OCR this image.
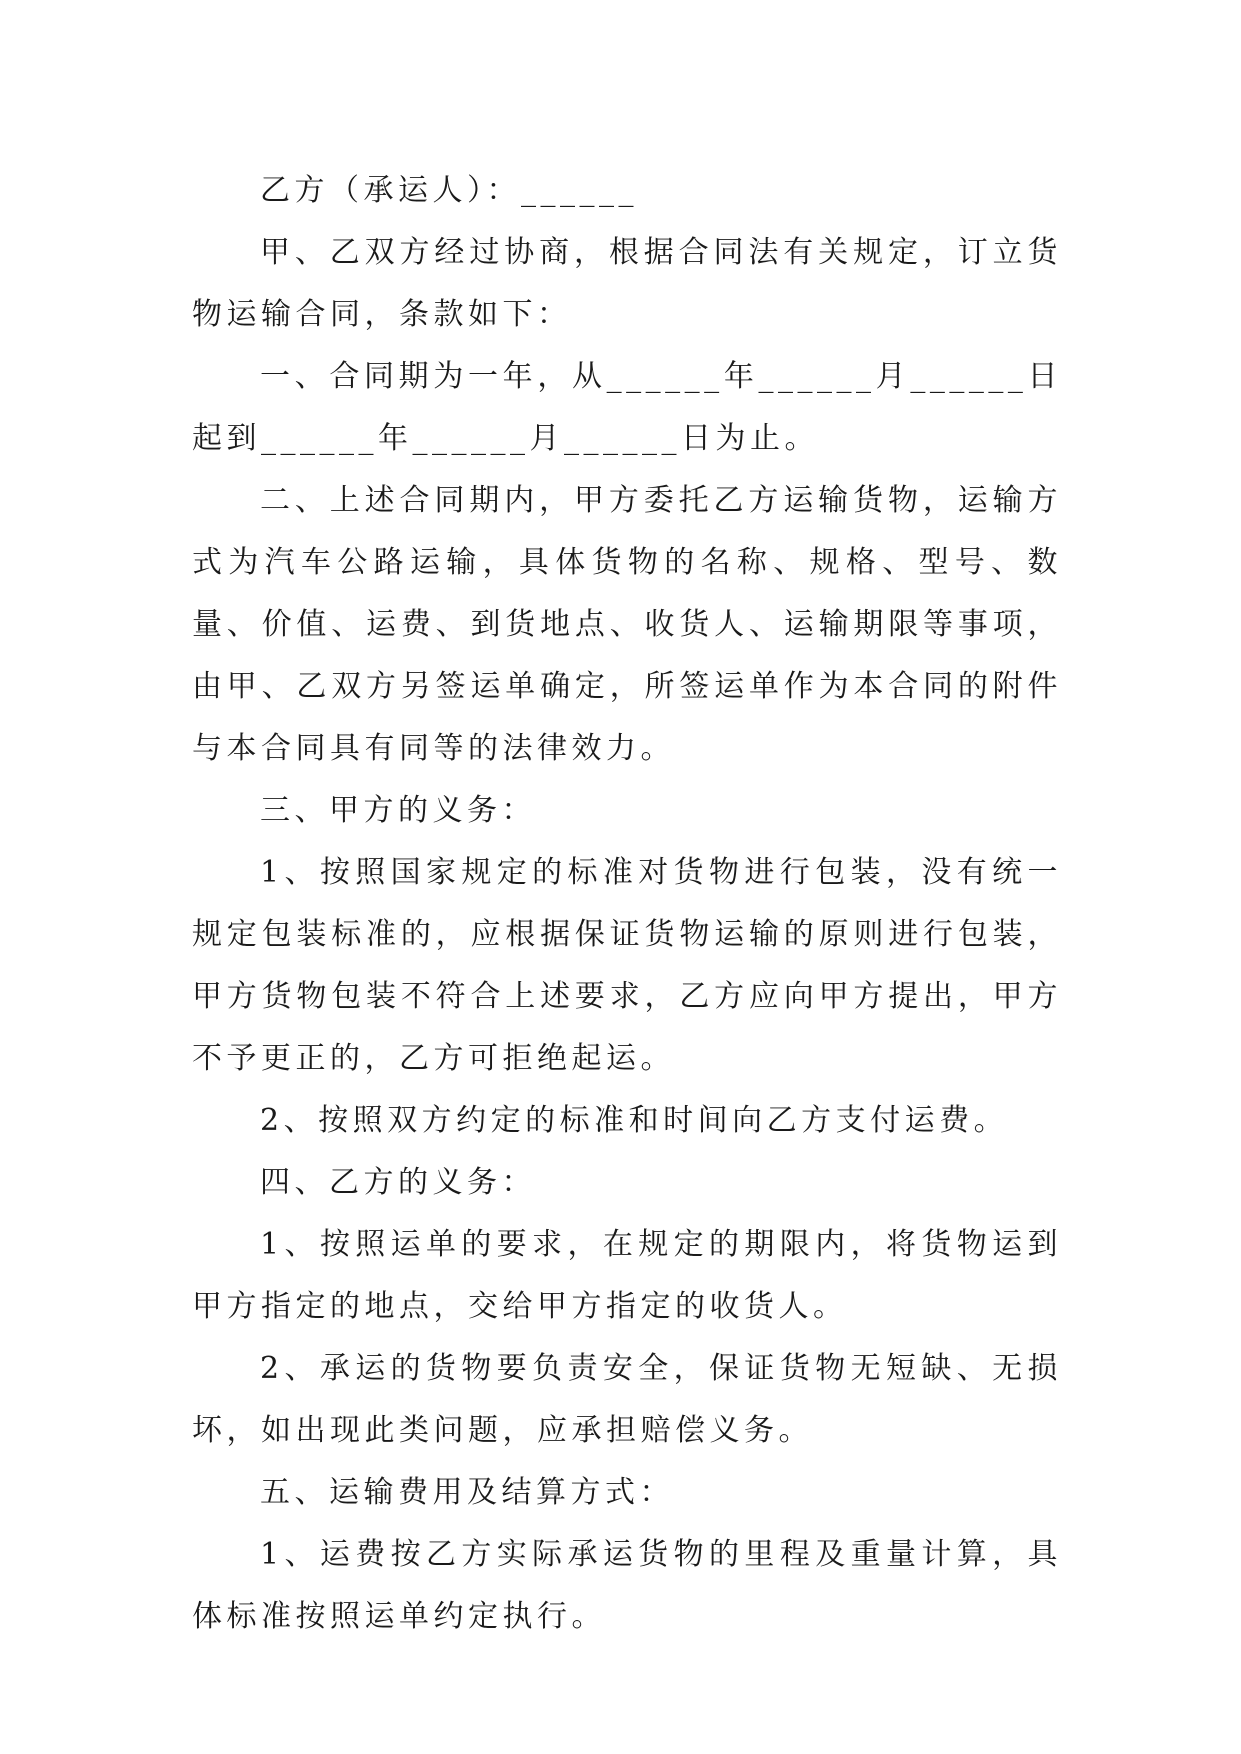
乙方（承运人）：______

甲、乙双方经过协商，根据合同法有关规定，订立货物运输合同，条款如下：

一、合同期为一年，从______年______月______日起到______年______月______日为止。

二、上述合同期内，甲方委托乙方运输货物，运输方式为汽车公路运输，具体货物的名称、规格、型号、数量、价值、运费、到货地点、收货人、运输期限等事项，由甲、乙双方另签运单确定，所签运单作为本合同的附件与本合同具有同等的法律效力。

三、甲方的义务：

1、按照国家规定的标准对货物进行包装，没有统一规定包装标准的，应根据保证货物运输的原则进行包装，甲方货物包装不符合上述要求，乙方应向甲方提出，甲方不予更正的，乙方可拒绝起运。

2、按照双方约定的标准和时间向乙方支付运费。

四、乙方的义务：

1、按照运单的要求，在规定的期限内，将货物运到甲方指定的地点，交给甲方指定的收货人。

2、承运的货物要负责安全，保证货物无短缺、无损坏，如出现此类问题，应承担赔偿义务。

五、运输费用及结算方式：

1、运费按乙方实际承运货物的里程及重量计算，具体标准按照运单约定执行。
